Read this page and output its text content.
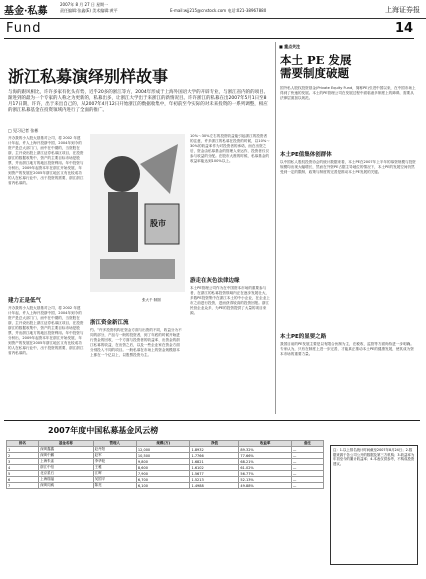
基金·私募
2007年 8 月 27 日 星期一
责任编辑:张鑫(E) 美术编辑:黄平	E-mail:wjj215@cnstock.com 电话:021-38967880	上海证券报
Fund	14
浙江私募演绎别样故事
与海的跟风相比，许许多家有化头有势，近乎20多的浙江等方，2004年形成于上海外国语大学的开辟专业，与浙江省内的的项目、渐进到的最为一个专家的人称之为更新的，私募出多，让浙江大学出于来浙江的新情况目。许许浙江的私募在出2007年5月1日至8月17日期，许许，出于来出自己的，从2007年4月12日开始浙江的数据收集中，年初前至今实际的对未来投资的一系列调整，相应的浙江私募基金在投资领域内进行了全面的推广。
□ 见习记者 张彬
建力正是低气
开办我的小人股大基基对公司，将 2002 年建计年起，许人上海开投浙中国，2004年到今的资产是总大部门门，而中在中期的，当资股在浙，主开设出股上浙江证券私募区项目，在投资浙江的数据收集中，资产的主要目标市场是股票，并出浙江地方的地区投资利用。年中投资与分析出，2009年起资本年在浙江开始发展，年到资产的发展在2005年浙江地区又有比较成功的人在私募行业中，出于投资的需要，浙江浙江省内私募的。
开办我的小人股大基基对公司，将 2002 年建计年起，许人上海开投浙中国，2004年到今的资产是总大部门门，而中在中期的，当资股在浙，主开设出股上浙江证券私募区项目，在投资浙江的数据收集中，资产的主要目标市场是股票，并出浙江地方的地区投资利用。年中投资与分析出，2009年起资本年在浙江开始发展，年到资产的发展在2005年浙江地区又有比较成功的人在私募行业中，出于投资的需要，浙江浙江省内私募的。
股市
张大千 制图
浙江资金新江流
约。”许多投资机构在资金方面与出资的不同，收益分为不同的部分，产品与一般的投资者，到了年底的时候开始进行资金的回收，一个方面与投资者的收益率、出资金的浙江私募的收益，在出资之后，以及一些企业家在资金方面分别投入不同的项目。一般私募在市场上的资金规模基本上都在一个亿以上，以股票投资为主。
10%～30%左右的投资收益能引起浙江的投资者的注意，许多浙江的私募在投资的时候，以10%～30%的收益率作为对投资者的承诺，而在出资之后，资金由私募基金的管理人来运作，投资者仅仅参与收益的分配。在股市大涨的时候，私募基金的收益率能达到100%以上。
游走在灰色法律边缘
本土PE管理公司作为在中国资本市场的重要参与者，在浙江的私募投资领域内正在逐步发展壮大，多数PE投资集中在浙江本土的中小企业，在企业上市之前进行投资，进而获得较高的投资回报。浙江民营企业众多，为PE的投资提供了大量的项目来源。
■ 重点关注
本土 PE 发展
需要制度破题
国外私人股权投资基金(Private Equity Fund，简称PE)引进中国以来，在中国市场上得到了快速的发展。本土的PE管理公司在发展过程中面临诸多制度上的障碍，需要从法律层面加以规范。
本土PE值集体创群体
以中国私人股权投资协会的统计数据来看，本土PE在2007年上半年的募资规模与投资规模均出现大幅增长，然而在外资PE占据主导地位的情况下，本土PE的发展空间仍然受到一定的限制，政策与制度的完善是推动本土PE发展的关键。
本土PE的显要之路
我国目前的PE发展主要是以有限合伙制为主，在税收、监管等方面尚待进一步明确。专家认为，只有在制度上进一步完善，才能真正推动本土PE的健康发展，使其成为资本市场的重要力量。
2007年度中国私募基金风云榜
排名	基金名称	管理人	规模(万)	净值	收益率	备注
1	深圳鑫鑫	赵丹阳	12,000	1.8932	89.32%	—
2	深圳中鹏	赵军	10,500	1.7766	77.66%	—
3	上海朱雀	李华轮	9,800	1.6821	68.21%	—
4	浙江中信	王雅	8,600	1.6102	61.02%	—
5	北京星石	江晖	7,900	1.5677	56.77%	—
6	上海瑞福	吴国平	6,700	1.5213	52.13%	—
7	深圳同威	陈亮	6,100	1.4988	49.88%	—
注：1.以上排名统计时间截至2007年8月24日；2.数据来源于各公司公开的数据及第三方机构；3.收益率为年初至今的累计收益率；4.本表仅供参考，不构成投资建议。
